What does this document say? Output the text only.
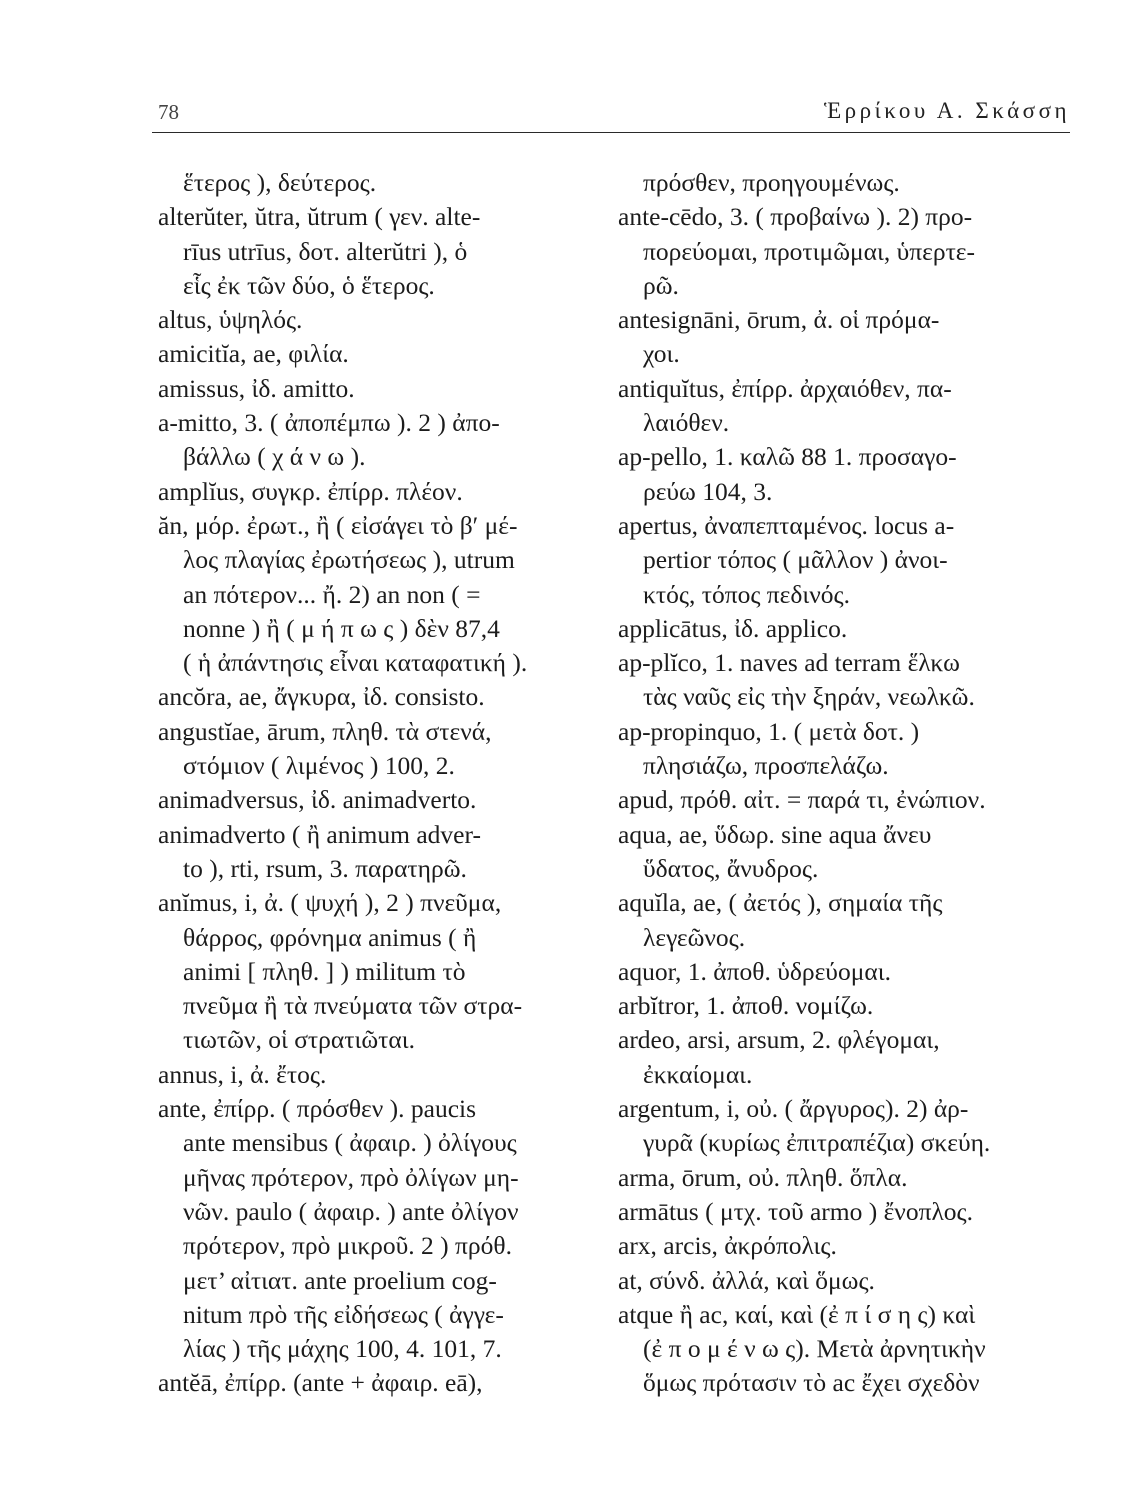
78	Ἑρρίκου Α. Σκάσση
ἕτερος ), δεύτερος.
alterŭter, ŭtra, ŭtrum ( γεν. alte-
rīus utrīus, δοτ. alterŭtri ), ὁ
εἷς ἐκ τῶν δύο, ὁ ἕτερος.
altus, ὑψηλός.
amicitĭa, ae, φιλία.
amissus, ἰδ. amitto.
a-mitto, 3. ( ἀποπέμπω ). 2 ) ἀπο-
βάλλω ( χ ά ν ω ).
amplĭus, συγκρ. ἐπίρρ. πλέον.
ăn, μόρ. ἐρωτ., ἢ ( εἰσάγει τὸ β′ μέ-
λος πλαγίας ἐρωτήσεως ), utrum
an πότερον... ἤ. 2) an non ( =
nonne ) ἢ ( μ ή π ω ς ) δὲν 87,4
( ἡ ἀπάντησις εἶναι καταφατική ).
ancŏra, ae, ἄγκυρα, ἰδ. consisto.
angustĭae, ārum, πληθ. τὰ στενά,
στόμιον ( λιμένος ) 100, 2.
animadversus, ἰδ. animadverto.
animadverto ( ἢ animum adver-
to ), rti, rsum, 3. παρατηρῶ.
anĭmus, i, ἀ. ( ψυχή ), 2 ) πνεῦμα,
θάρρος, φρόνημα animus ( ἢ
animi [ πληθ. ] ) militum τὸ
πνεῦμα ἢ τὰ πνεύματα τῶν στρα-
τιωτῶν, οἱ στρατιῶται.
annus, i, ἀ. ἔτος.
ante, ἐπίρρ. ( πρόσθεν ). paucis
ante mensibus ( ἀφαιρ. ) ὀλίγους
μῆνας πρότερον, πρὸ ὀλίγων μη-
νῶν. paulo ( ἀφαιρ. ) ante ὀλίγον
πρότερον, πρὸ μικροῦ. 2 ) πρόθ.
μετ’ αἰτιατ. ante proelium cog-
nitum πρὸ τῆς εἰδήσεως ( ἀγγε-
λίας ) τῆς μάχης 100, 4. 101, 7.
antĕā, ἐπίρρ. (ante + ἀφαιρ. eā),
πρόσθεν, προηγουμένως.
ante-cēdo, 3. ( προβαίνω ). 2) προ-
πορεύομαι, προτιμῶμαι, ὑπερτε-
ρῶ.
antesignāni, ōrum, ἀ. οἱ πρόμα-
χοι.
antiquĭtus, ἐπίρρ. ἀρχαιόθεν, πα-
λαιόθεν.
ap-pello, 1. καλῶ 88 1. προσαγο-
ρεύω 104, 3.
apertus, ἀναπεπταμένος. locus a-
pertior τόπος ( μᾶλλον ) ἀνοι-
κτός, τόπος πεδινός.
applicātus, ἰδ. applico.
ap-plĭco, 1. naves ad terram ἕλκω
τὰς ναῦς εἰς τὴν ξηράν, νεωλκῶ.
ap-propinquo, 1. ( μετὰ δοτ. )
πλησιάζω, προσπελάζω.
apud, πρόθ. αἰτ. = παρά τι, ἐνώπιον.
aqua, ae, ὕδωρ. sine aqua ἄνευ
ὕδατος, ἄνυδρος.
aquĭla, ae, ( ἀετός ), σημαία τῆς
λεγεῶνος.
aquor, 1. ἀποθ. ὑδρεύομαι.
arbĭtror, 1. ἀποθ. νομίζω.
ardeo, arsi, arsum, 2. φλέγομαι,
ἐκκαίομαι.
argentum, i, οὐ. ( ἄργυρος). 2) ἀρ-
γυρᾶ (κυρίως ἐπιτραπέζια) σκεύη.
arma, ōrum, οὐ. πληθ. ὅπλα.
armātus ( μτχ. τοῦ armo ) ἔνοπλος.
arx, arcis, ἀκρόπολις.
at, σύνδ. ἀλλά, καὶ ὅμως.
atque ἢ ac, καί, καὶ (ἐ π ί σ η ς) καὶ
(ἐ π ο μ έ ν ω ς). Μετὰ ἀρνητικὴν
ὅμως πρότασιν τὸ ac ἔχει σχεδὸν
